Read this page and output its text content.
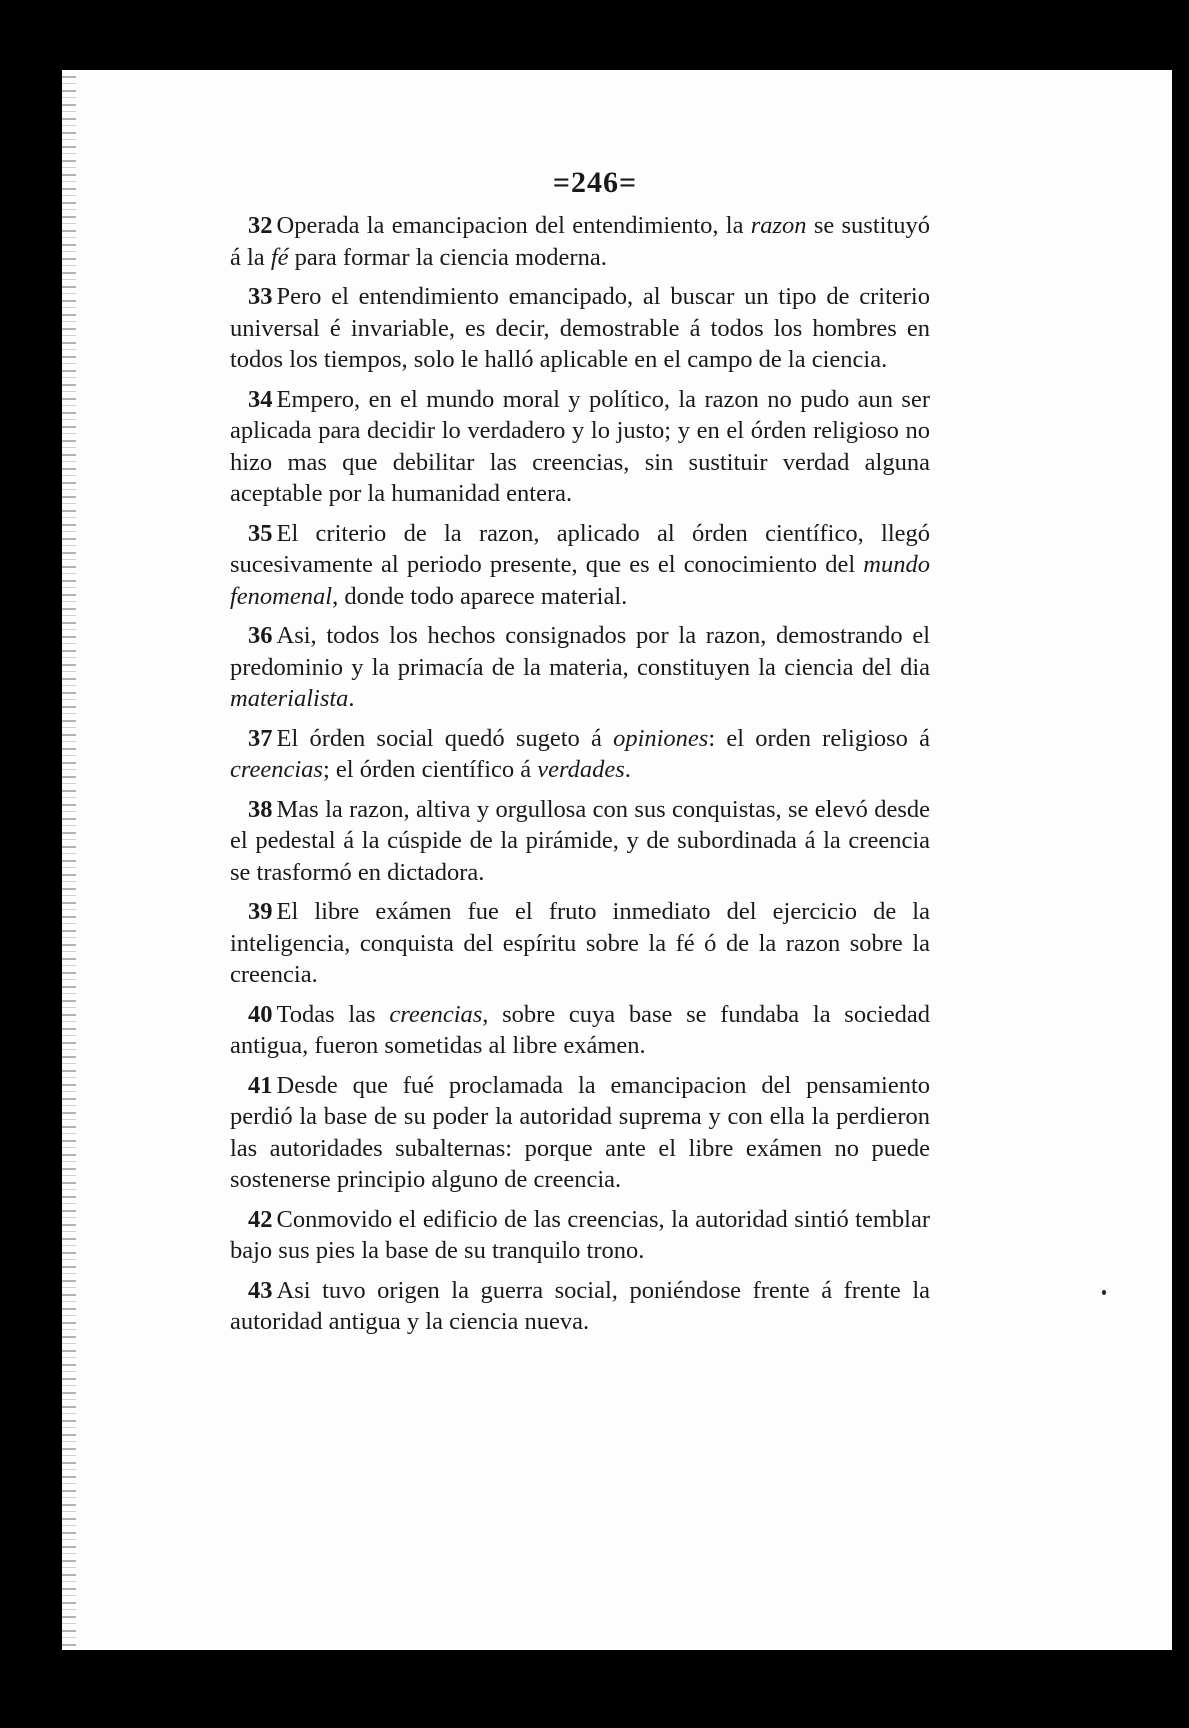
=246=

32 Operada la emancipacion del entendimiento, la razon se sustituyó á la fé para formar la ciencia moderna.

33 Pero el entendimiento emancipado, al buscar un tipo de criterio universal é invariable, es decir, demostrable á todos los hombres en todos los tiempos, solo le halló aplicable en el campo de la ciencia.

34 Empero, en el mundo moral y político, la razon no pudo aun ser aplicada para decidir lo verdadero y lo justo; y en el órden religioso no hizo mas que debilitar las creencias, sin sustituir verdad alguna aceptable por la humanidad entera.

35 El criterio de la razon, aplicado al órden científico, llegó sucesivamente al periodo presente, que es el conocimiento del mundo fenomenal, donde todo aparece material.

36 Asi, todos los hechos consignados por la razon, demostrando el predominio y la primacía de la materia, constituyen la ciencia del dia materialista.

37 El órden social quedó sugeto á opiniones: el orden religioso á creencias; el órden científico á verdades.

38 Mas la razon, altiva y orgullosa con sus conquistas, se elevó desde el pedestal á la cúspide de la pirámide, y de subordinada á la creencia se trasformó en dictadora.

39 El libre exámen fue el fruto inmediato del ejercicio de la inteligencia, conquista del espíritu sobre la fé ó de la razon sobre la creencia.

40 Todas las creencias, sobre cuya base se fundaba la sociedad antigua, fueron sometidas al libre exámen.

41 Desde que fué proclamada la emancipacion del pensamiento perdió la base de su poder la autoridad suprema y con ella la perdieron las autoridades subalternas: porque ante el libre exámen no puede sostenerse principio alguno de creencia.

42 Conmovido el edificio de las creencias, la autoridad sintió temblar bajo sus pies la base de su tranquilo trono.

43 Asi tuvo origen la guerra social, poniéndose frente á frente la autoridad antigua y la ciencia nueva.
